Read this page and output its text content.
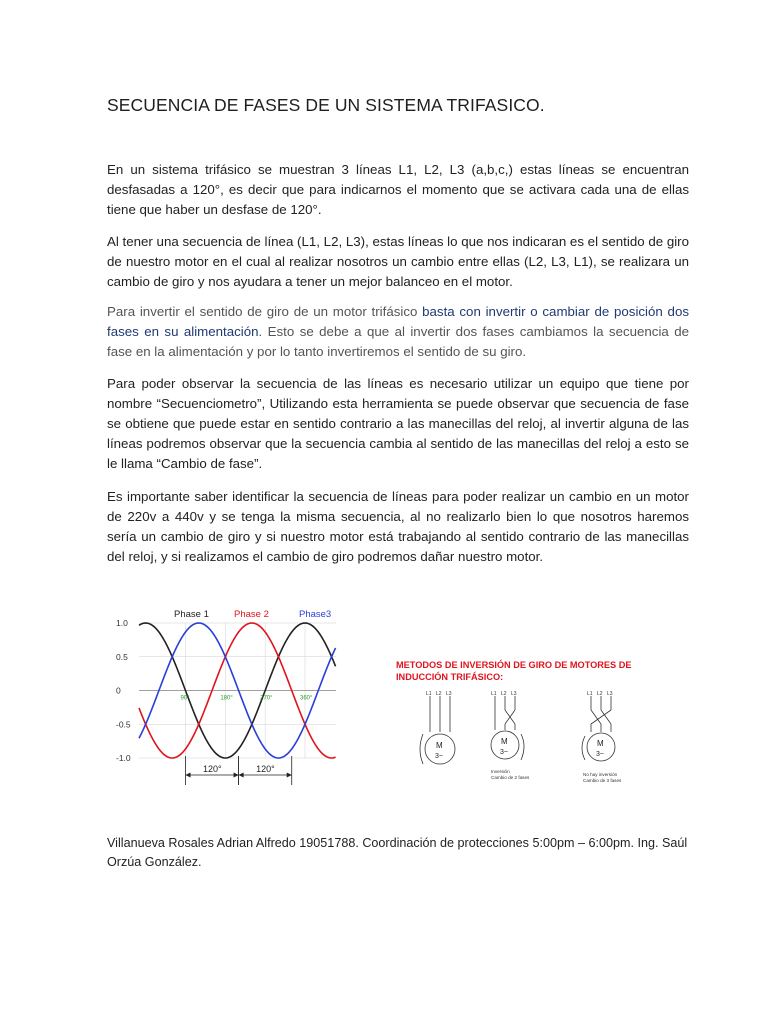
SECUENCIA DE FASES DE UN SISTEMA TRIFASICO.
En un sistema trifásico se muestran 3 líneas L1, L2, L3 (a,b,c,) estas líneas se encuentran desfasadas a 120°, es decir que para indicarnos el momento que se activara cada una de ellas tiene que haber un desfase de 120°.
Al tener una secuencia de línea (L1, L2, L3), estas líneas lo que nos indicaran es el sentido de giro de nuestro motor en el cual al realizar nosotros un cambio entre ellas (L2, L3, L1), se realizara un cambio de giro y nos ayudara a tener un mejor balanceo en el motor.
Para invertir el sentido de giro de un motor trifásico basta con invertir o cambiar de posición dos fases en su alimentación. Esto se debe a que al invertir dos fases cambiamos la secuencia de fase en la alimentación y por lo tanto invertiremos el sentido de su giro.
Para poder observar la secuencia de las líneas es necesario utilizar un equipo que tiene por nombre “Secuenciometro”, Utilizando esta herramienta se puede observar que secuencia de fase se obtiene que puede estar en sentido contrario a las manecillas del reloj, al invertir alguna de las líneas podremos observar que la secuencia cambia al sentido de las manecillas del reloj a esto se le llama “Cambio de fase”.
Es importante saber identificar la secuencia de líneas para poder realizar un cambio en un motor de 220v a 440v y se tenga la misma secuencia, al no realizarlo bien lo que nosotros haremos sería un cambio de giro y si nuestro motor está trabajando al sentido contrario de las manecillas del reloj, y si realizamos el cambio de giro podremos dañar nuestro motor.
1.0
0.5
0
-0.5
-1.0
Phase 1	Phase 2	Phase3
90°	180°	270°	360°
120°	120°
METODOS DE INVERSIÓN DE GIRO DE MOTORES DE
INDUCCIÓN TRIFÁSICO:
L1 L2 L3
M
3~
L1 L2 L3
M
3~
Inversión
Cambio de 2 fases
L1 L2 L3
M
3~
No hay inversión
Cambio de 3 fases
Villanueva Rosales Adrian Alfredo 19051788. Coordinación de protecciones 5:00pm – 6:00pm. Ing. Saúl Orzúa González.
